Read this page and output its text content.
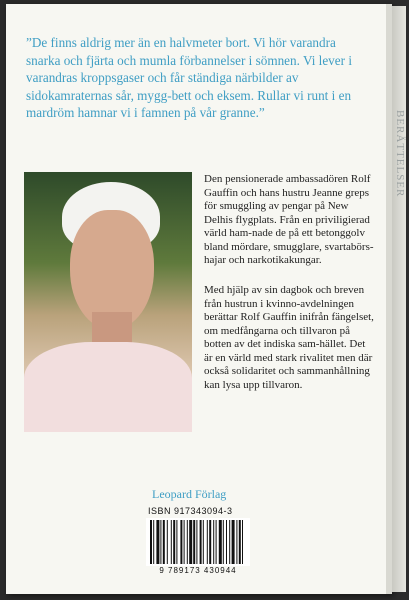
BERÄTTELSER

”De finns aldrig mer än en halvmeter bort. Vi hör varandra snarka och fjärta och mumla förbannelser i sömnen. Vi lever i varandras kroppsgaser och får ständiga närbilder av sidokamraternas sår, mygg-bett och eksem. Rullar vi runt i en mardröm hamnar vi i famnen på vår granne.”

Den pensionerade ambassadören Rolf Gauffin och hans hustru Jeanne greps för smuggling av pengar på New Delhis flygplats. Från en priviligierad värld ham-nade de på ett betonggolv bland mördare, smugglare, svartabörs-hajar och narkotikakungar.

Med hjälp av sin dagbok och breven från hustrun i kvinno-avdelningen berättar Rolf Gauffin inifrån fängelset, om medfångarna och tillvaron på botten av det indiska sam-hället. Det är en värld med stark rivalitet men där också solidaritet och sammanhållning kan lysa upp tillvaron.

Leopard Förlag
ISBN 917343094-3
9 789173 430944
